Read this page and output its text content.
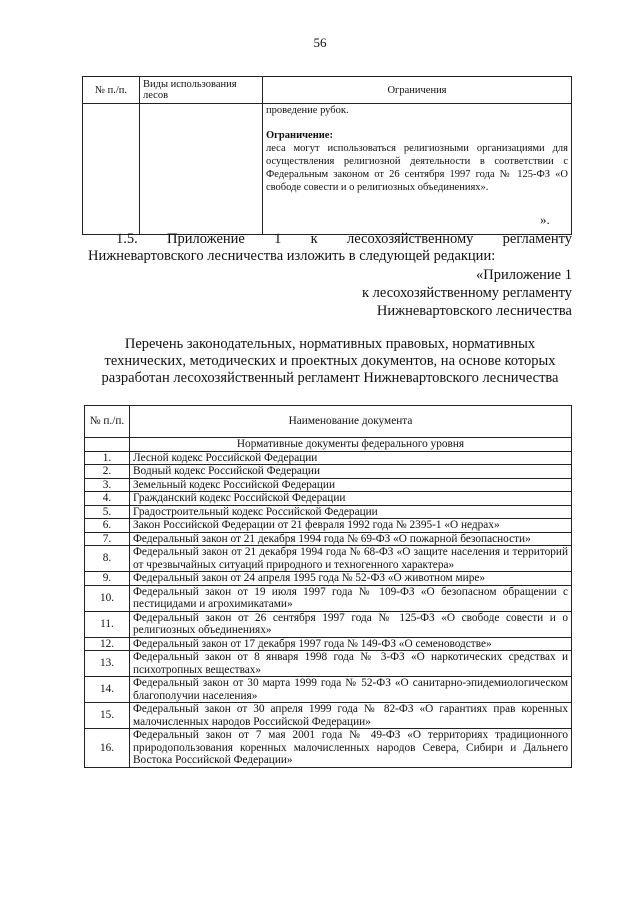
56
№ п./п.	Виды использования лесов	Ограничения

		проведение рубок.

Ограничение:

леса могут использоваться религиозными организациями для осуществления религиозной деятельности в соответствии с Федеральным законом от 26 сентября 1997 года № 125-ФЗ «О свободе совести и о религиозных объединениях».

».
1.5. Приложение 1 к лесохозяйственному регламенту
Нижневартовского лесничества изложить в следующей редакции:
«Приложение 1
к лесохозяйственному регламенту
Нижневартовского лесничества
Перечень законодательных, нормативных правовых, нормативных технических, методических и проектных документов, на основе которых разработан лесохозяйственный регламент Нижневартовского лесничества
№ п./п.	Наименование документа
	Нормативные документы федерального уровня
1.	Лесной кодекс Российской Федерации
2.	Водный кодекс Российской Федерации
3.	Земельный кодекс Российской Федерации
4.	Гражданский кодекс Российской Федерации
5.	Градостроительный кодекс Российской Федерации
6.	Закон Российской Федерации от 21 февраля 1992 года № 2395-1 «О недрах»
7.	Федеральный закон от 21 декабря 1994 года № 69-ФЗ «О пожарной безопасности»
8.	Федеральный закон от 21 декабря 1994 года № 68-ФЗ «О защите населения и территорий от чрезвычайных ситуаций природного и техногенного характера»
9.	Федеральный закон от 24 апреля 1995 года № 52-ФЗ «О животном мире»
10.	Федеральный закон от 19 июля 1997 года № 109-ФЗ «О безопасном обращении с пестицидами и агрохимикатами»
11.	Федеральный закон от 26 сентября 1997 года № 125-ФЗ «О свободе совести и о религиозных объединениях»
12.	Федеральный закон от 17 декабря 1997 года № 149-ФЗ «О семеноводстве»
13.	Федеральный закон от 8 января 1998 года № 3-ФЗ «О наркотических средствах и психотропных веществах»
14.	Федеральный закон от 30 марта 1999 года № 52-ФЗ «О санитарно-эпидемиологическом благополучии населения»
15.	Федеральный закон от 30 апреля 1999 года № 82-ФЗ «О гарантиях прав коренных малочисленных народов Российской Федерации»
16.	Федеральный закон от 7 мая 2001 года № 49-ФЗ «О территориях традиционного природопользования коренных малочисленных народов Севера, Сибири и Дальнего Востока Российской Федерации»
